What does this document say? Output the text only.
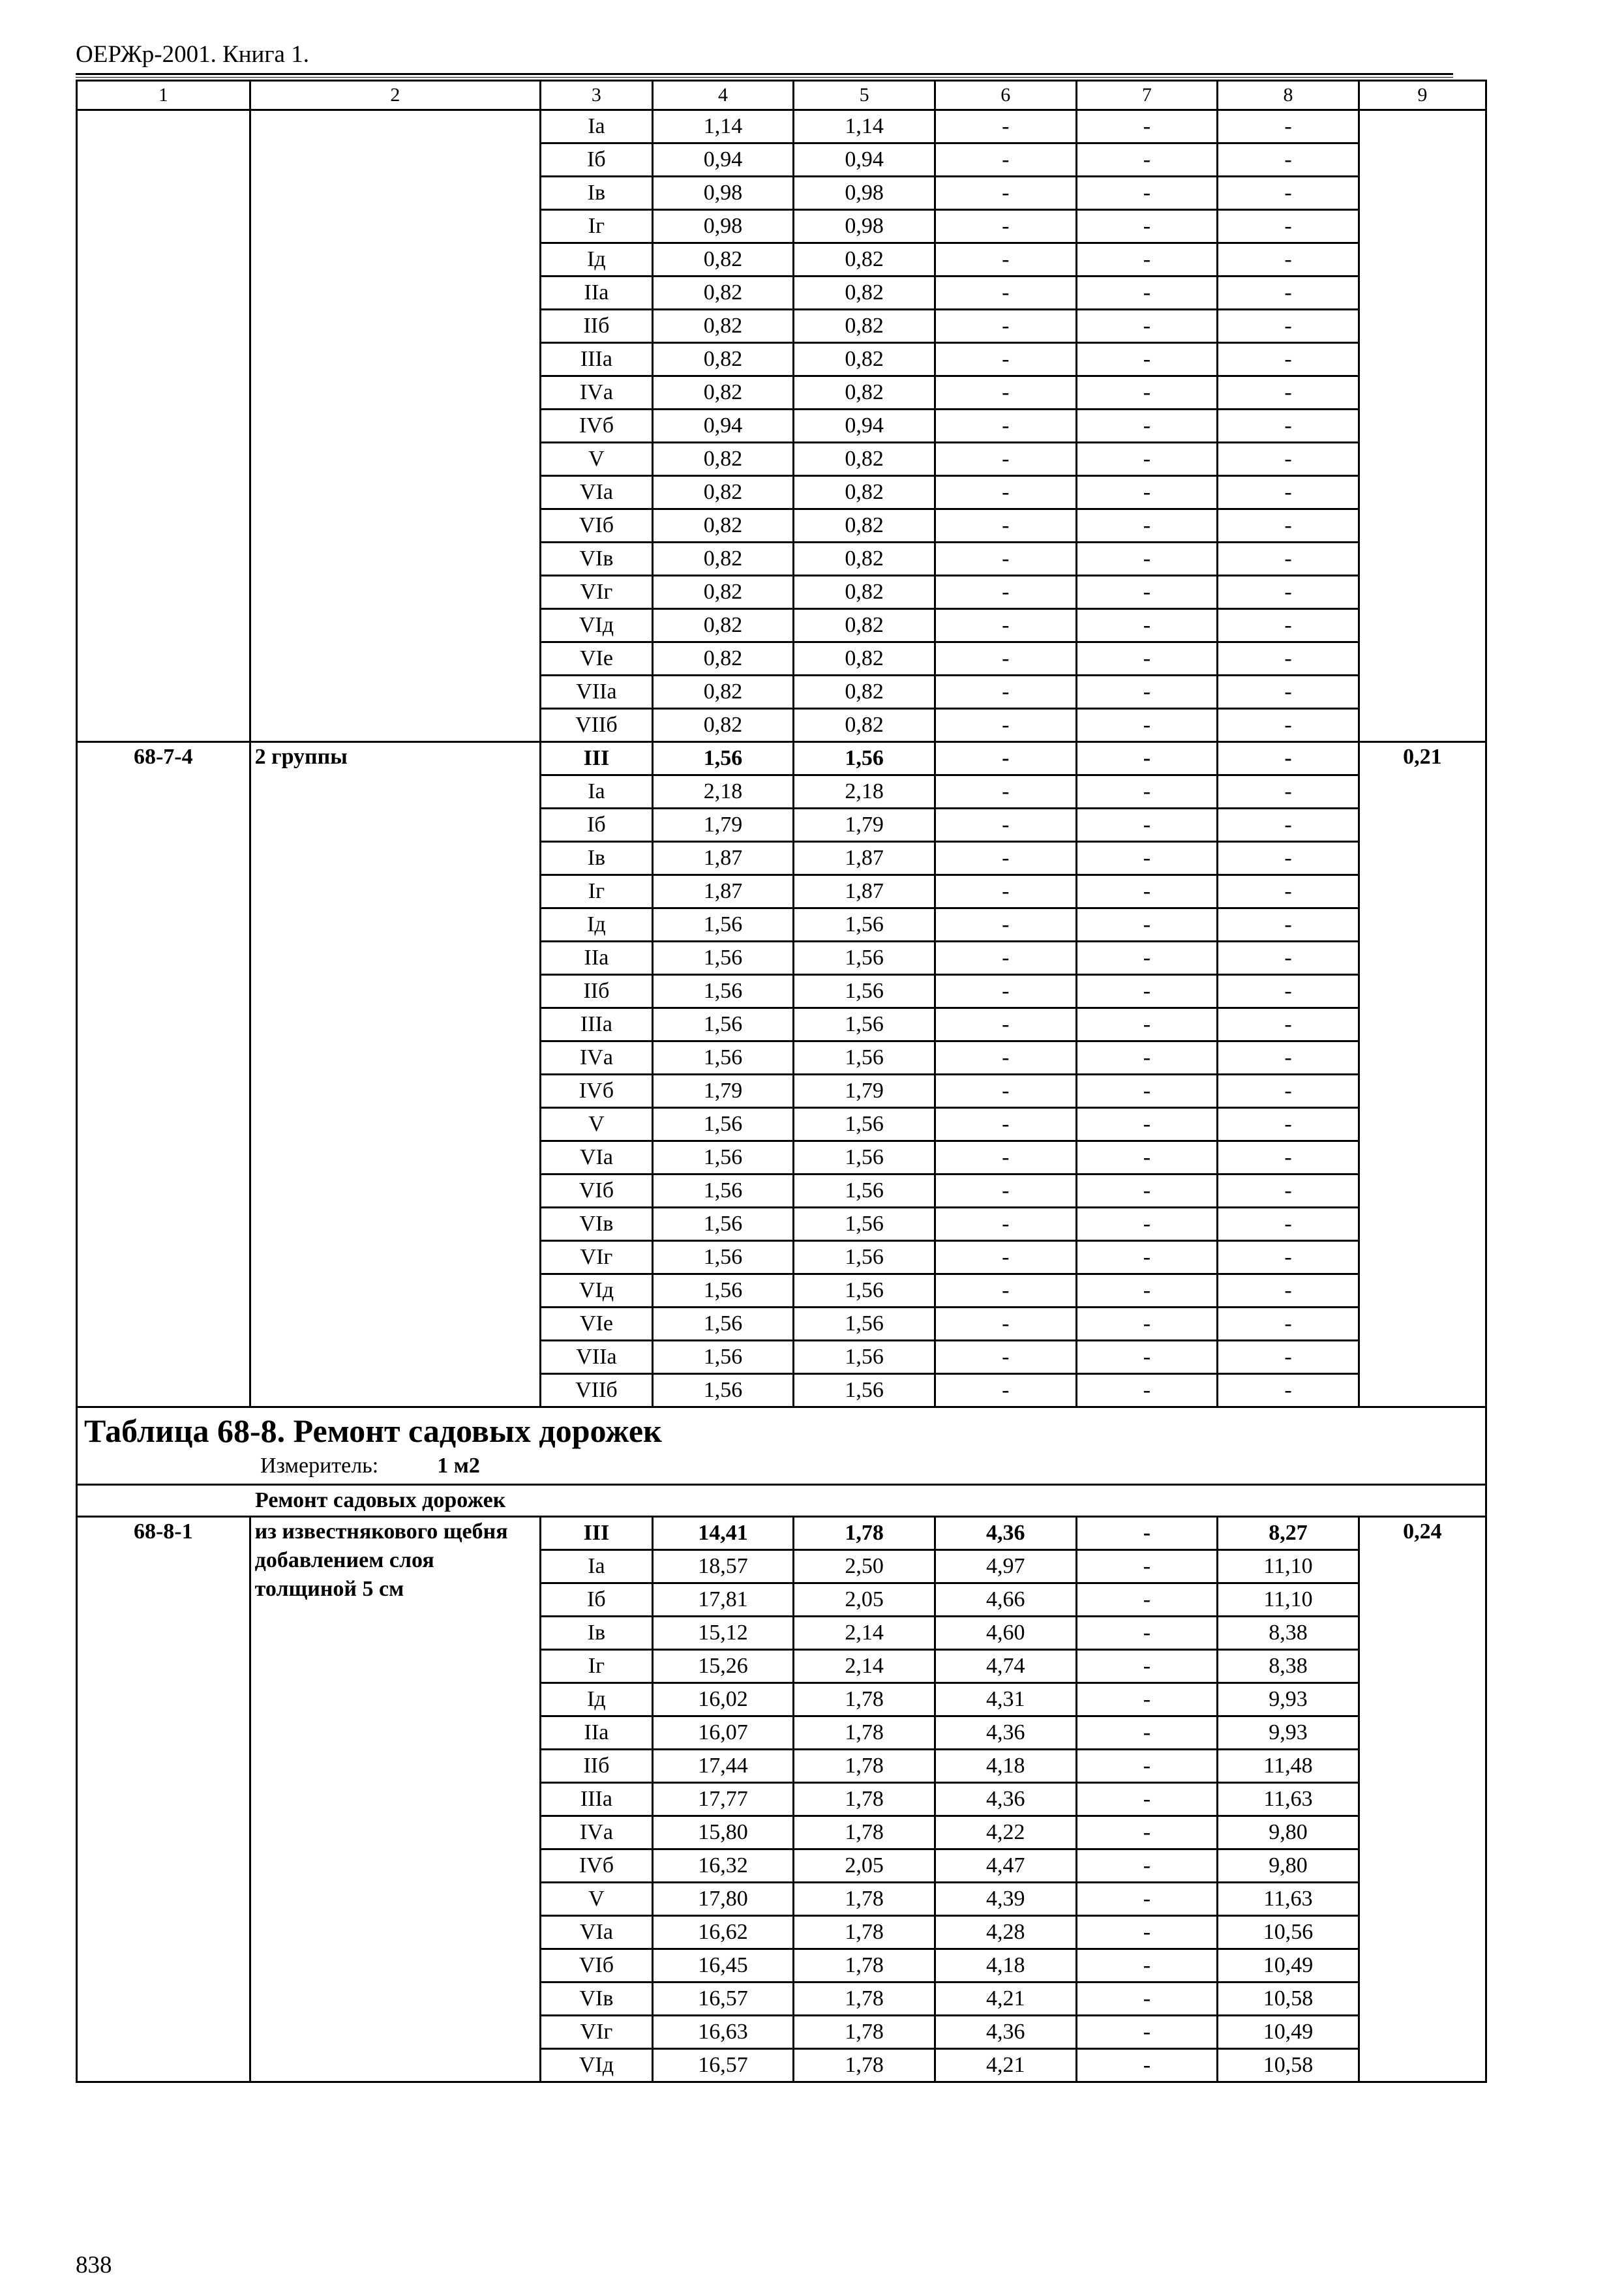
ОЕРЖр-2001. Книга 1.
1	2	3	4	5	6	7	8	9
		Iа	1,14	1,14	-	-	-	
		Iб	0,94	0,94	-	-	-	
		Iв	0,98	0,98	-	-	-	
		Iг	0,98	0,98	-	-	-	
		Iд	0,82	0,82	-	-	-	
		IIа	0,82	0,82	-	-	-	
		IIб	0,82	0,82	-	-	-	
		IIIа	0,82	0,82	-	-	-	
		IVа	0,82	0,82	-	-	-	
		IVб	0,94	0,94	-	-	-	
		V	0,82	0,82	-	-	-	
		VIа	0,82	0,82	-	-	-	
		VIб	0,82	0,82	-	-	-	
		VIв	0,82	0,82	-	-	-	
		VIг	0,82	0,82	-	-	-	
		VIд	0,82	0,82	-	-	-	
		VIе	0,82	0,82	-	-	-	
		VIIа	0,82	0,82	-	-	-	
		VIIб	0,82	0,82	-	-	-	
68-7-4	2 группы	III	1,56	1,56	-	-	-	0,21
		Iа	2,18	2,18	-	-	-	
		Iб	1,79	1,79	-	-	-	
		Iв	1,87	1,87	-	-	-	
		Iг	1,87	1,87	-	-	-	
		Iд	1,56	1,56	-	-	-	
		IIа	1,56	1,56	-	-	-	
		IIб	1,56	1,56	-	-	-	
		IIIа	1,56	1,56	-	-	-	
		IVа	1,56	1,56	-	-	-	
		IVб	1,79	1,79	-	-	-	
		V	1,56	1,56	-	-	-	
		VIа	1,56	1,56	-	-	-	
		VIб	1,56	1,56	-	-	-	
		VIв	1,56	1,56	-	-	-	
		VIг	1,56	1,56	-	-	-	
		VIд	1,56	1,56	-	-	-	
		VIе	1,56	1,56	-	-	-	
		VIIа	1,56	1,56	-	-	-	
		VIIб	1,56	1,56	-	-	-	

Таблица 68-8. Ремонт садовых дорожек
Измеритель: 1 м2								

Ремонт садовых дорожек								
68-8-1	из известнякового щебня добавлением слоя толщиной 5 см	III	14,41	1,78	4,36	-	8,27	0,24
		Iа	18,57	2,50	4,97	-	11,10	
		Iб	17,81	2,05	4,66	-	11,10	
		Iв	15,12	2,14	4,60	-	8,38	
		Iг	15,26	2,14	4,74	-	8,38	
		Iд	16,02	1,78	4,31	-	9,93	
		IIа	16,07	1,78	4,36	-	9,93	
		IIб	17,44	1,78	4,18	-	11,48	
		IIIа	17,77	1,78	4,36	-	11,63	
		IVа	15,80	1,78	4,22	-	9,80	
		IVб	16,32	2,05	4,47	-	9,80	
		V	17,80	1,78	4,39	-	11,63	
		VIа	16,62	1,78	4,28	-	10,56	
		VIб	16,45	1,78	4,18	-	10,49	
		VIв	16,57	1,78	4,21	-	10,58	
		VIг	16,63	1,78	4,36	-	10,49	
		VIд	16,57	1,78	4,21	-	10,58	
838
